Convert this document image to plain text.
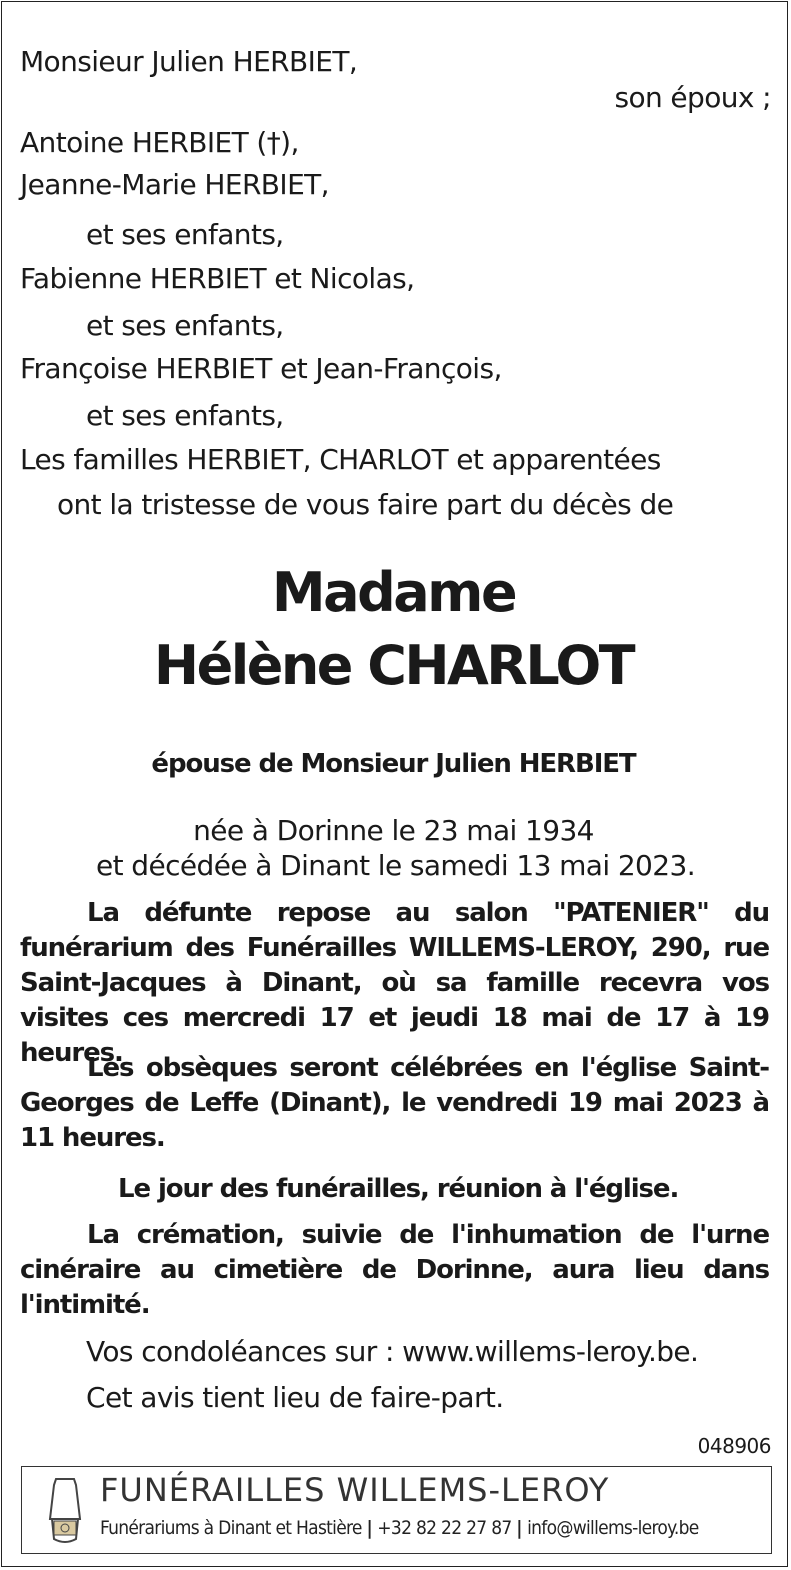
Monsieur Julien HERBIET,

son époux ;

Antoine HERBIET (†),

Jeanne-Marie HERBIET,

et ses enfants,

Fabienne HERBIET et Nicolas,

et ses enfants,

Françoise HERBIET et Jean-François,

et ses enfants,

Les familles HERBIET, CHARLOT et apparentées

ont la tristesse de vous faire part du décès de

Madame

Hélène CHARLOT

épouse de Monsieur Julien HERBIET

née à Dorinne le 23 mai 1934

et décédée à Dinant le samedi 13 mai 2023.

La défunte repose au salon "PATENIER" du funérarium des Funérailles WILLEMS-LEROY, 290, rue Saint-Jacques à Dinant, où sa famille recevra vos visites ces mercredi 17 et jeudi 18 mai de 17 à 19 heures.

Les obsèques seront célébrées en l'église Saint-Georges de Leffe (Dinant), le vendredi 19 mai 2023 à 11 heures.

Le jour des funérailles, réunion à l'église.

La crémation, suivie de l'inhumation de l'urne cinéraire au cimetière de Dorinne, aura lieu dans l'intimité.

Vos condoléances sur : www.willems-leroy.be.

Cet avis tient lieu de faire-part.

048906

FUNÉRAILLES WILLEMS-LEROY
Funérariums à Dinant et Hastière | +32 82 22 27 87 | info@willems-leroy.be
